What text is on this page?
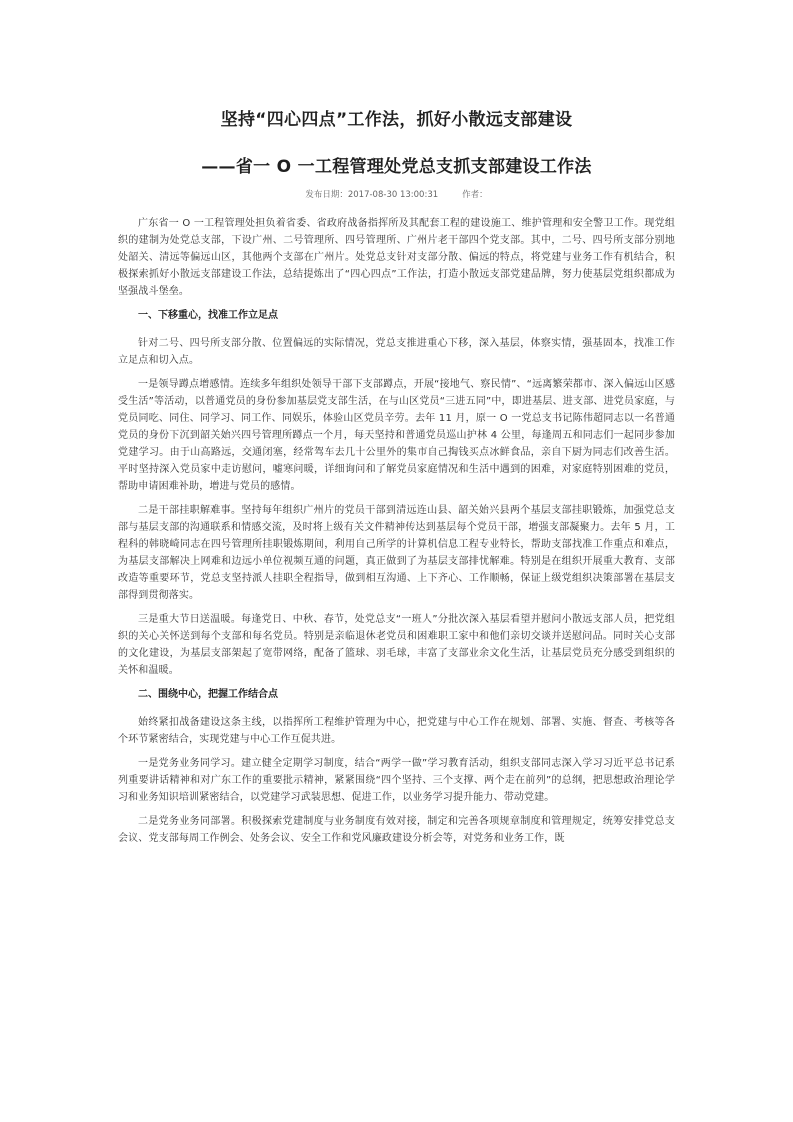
坚持“四心四点”工作法，抓好小散远支部建设
——省一 O 一工程管理处党总支抓支部建设工作法
发布日期：2017-08-30 13:00:31	作者：

广东省一 O 一工程管理处担负着省委、省政府战备指挥所及其配套工程的建设施工、维护管理和安全警卫工作。现党组织的建制为处党总支部，下设广州、二号管理所、四号管理所、广州片老干部四个党支部。其中，二号、四号所支部分别地处韶关、清远等偏远山区，其他两个支部在广州片。处党总支针对支部分散、偏远的特点，将党建与业务工作有机结合，积极探索抓好小散远支部建设工作法，总结提炼出了“四心四点”工作法，打造小散远支部党建品牌，努力使基层党组织都成为坚强战斗堡垒。

一、下移重心，找准工作立足点

针对二号、四号所支部分散、位置偏远的实际情况，党总支推进重心下移，深入基层，体察实情，强基固本，找准工作立足点和切入点。

一是领导蹲点增感情。连续多年组织处领导干部下支部蹲点，开展“接地气、察民情”、“远离繁荣都市、深入偏远山区感受生活”等活动，以普通党员的身份参加基层党支部生活，在与山区党员“三进五同”中，即进基层、进支部、进党员家庭，与党员同吃、同住、同学习、同工作、同娱乐，体验山区党员辛劳。去年 11 月，原一 O 一党总支书记陈伟超同志以一名普通党员的身份下沉到韶关始兴四号管理所蹲点一个月，每天坚持和普通党员巡山护林 4 公里，每逢周五和同志们一起同步参加党建学习。由于山高路远，交通闭塞，经常驾车去几十公里外的集市自己掏钱买点冰鲜食品，亲自下厨为同志们改善生活。平时坚持深入党员家中走访慰问，嘘寒问暖，详细询问和了解党员家庭情况和生活中遇到的困难，对家庭特别困难的党员，帮助申请困难补助，增进与党员的感情。

二是干部挂职解难事。坚持每年组织广州片的党员干部到清远连山县、韶关始兴县两个基层支部挂职锻炼，加强党总支部与基层支部的沟通联系和情感交流，及时将上级有关文件精神传达到基层每个党员干部，增强支部凝聚力。去年 5 月，工程科的韩晓崎同志在四号管理所挂职锻炼期间，利用自己所学的计算机信息工程专业特长，帮助支部找准工作重点和难点，为基层支部解决上网难和边远小单位视频互通的问题，真正做到了为基层支部排忧解难。特别是在组织开展重大教育、支部改造等重要环节，党总支坚持派人挂职全程指导，做到相互沟通、上下齐心、工作顺畅，保证上级党组织决策部署在基层支部得到贯彻落实。

三是重大节日送温暖。每逢党日、中秋、春节，处党总支“一班人”分批次深入基层看望并慰问小散远支部人员，把党组织的关心关怀送到每个支部和每名党员。特别是亲临退休老党员和困难职工家中和他们亲切交谈并送慰问品。同时关心支部的文化建设，为基层支部架起了宽带网络，配备了篮球、羽毛球，丰富了支部业余文化生活，让基层党员充分感受到组织的关怀和温暖。

二、围绕中心，把握工作结合点

始终紧扣战备建设这条主线，以指挥所工程维护管理为中心，把党建与中心工作在规划、部署、实施、督查、考核等各个环节紧密结合，实现党建与中心工作互促共进。

一是党务业务同学习。建立健全定期学习制度，结合“两学一做”学习教育活动，组织支部同志深入学习习近平总书记系列重要讲话精神和对广东工作的重要批示精神，紧紧围绕“四个坚持、三个支撑、两个走在前列”的总纲，把思想政治理论学习和业务知识培训紧密结合，以党建学习武装思想、促进工作，以业务学习提升能力、带动党建。

二是党务业务同部署。积极探索党建制度与业务制度有效对接，制定和完善各项规章制度和管理规定，统筹安排党总支会议、党支部每周工作例会、处务会议、安全工作和党风廉政建设分析会等，对党务和业务工作，既
